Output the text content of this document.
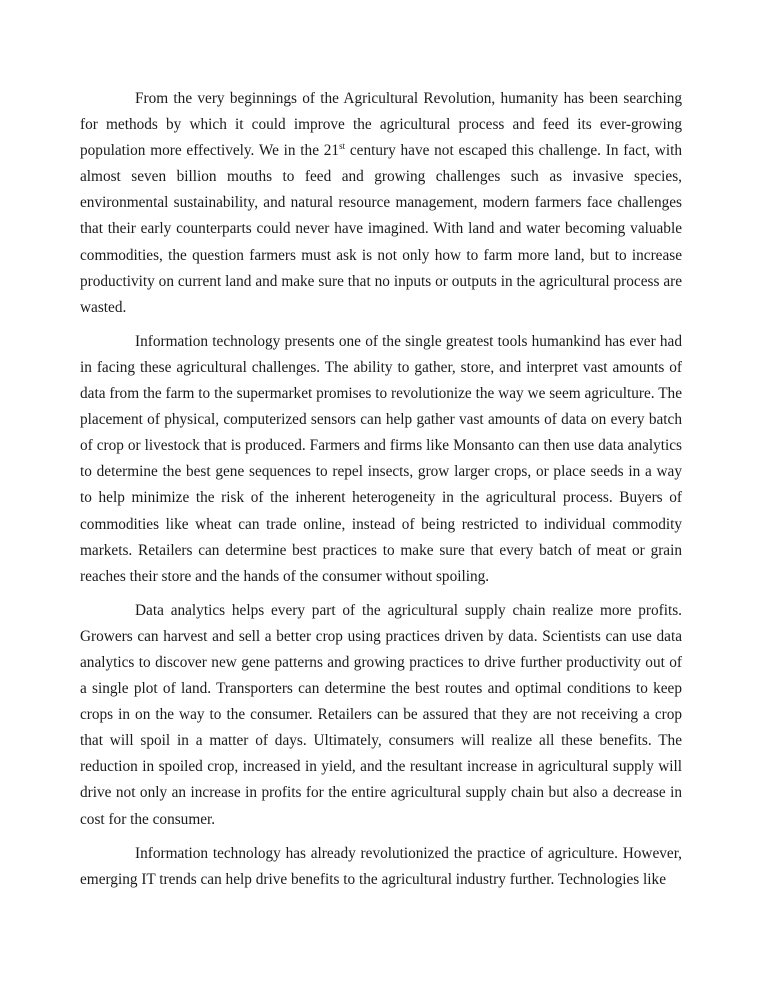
From the very beginnings of the Agricultural Revolution, humanity has been searching for methods by which it could improve the agricultural process and feed its ever-growing population more effectively. We in the 21st century have not escaped this challenge. In fact, with almost seven billion mouths to feed and growing challenges such as invasive species, environmental sustainability, and natural resource management, modern farmers face challenges that their early counterparts could never have imagined. With land and water becoming valuable commodities, the question farmers must ask is not only how to farm more land, but to increase productivity on current land and make sure that no inputs or outputs in the agricultural process are wasted.

Information technology presents one of the single greatest tools humankind has ever had in facing these agricultural challenges. The ability to gather, store, and interpret vast amounts of data from the farm to the supermarket promises to revolutionize the way we seem agriculture. The placement of physical, computerized sensors can help gather vast amounts of data on every batch of crop or livestock that is produced. Farmers and firms like Monsanto can then use data analytics to determine the best gene sequences to repel insects, grow larger crops, or place seeds in a way to help minimize the risk of the inherent heterogeneity in the agricultural process. Buyers of commodities like wheat can trade online, instead of being restricted to individual commodity markets. Retailers can determine best practices to make sure that every batch of meat or grain reaches their store and the hands of the consumer without spoiling.

Data analytics helps every part of the agricultural supply chain realize more profits. Growers can harvest and sell a better crop using practices driven by data. Scientists can use data analytics to discover new gene patterns and growing practices to drive further productivity out of a single plot of land. Transporters can determine the best routes and optimal conditions to keep crops in on the way to the consumer. Retailers can be assured that they are not receiving a crop that will spoil in a matter of days. Ultimately, consumers will realize all these benefits. The reduction in spoiled crop, increased in yield, and the resultant increase in agricultural supply will drive not only an increase in profits for the entire agricultural supply chain but also a decrease in cost for the consumer.

Information technology has already revolutionized the practice of agriculture. However, emerging IT trends can help drive benefits to the agricultural industry further. Technologies like
